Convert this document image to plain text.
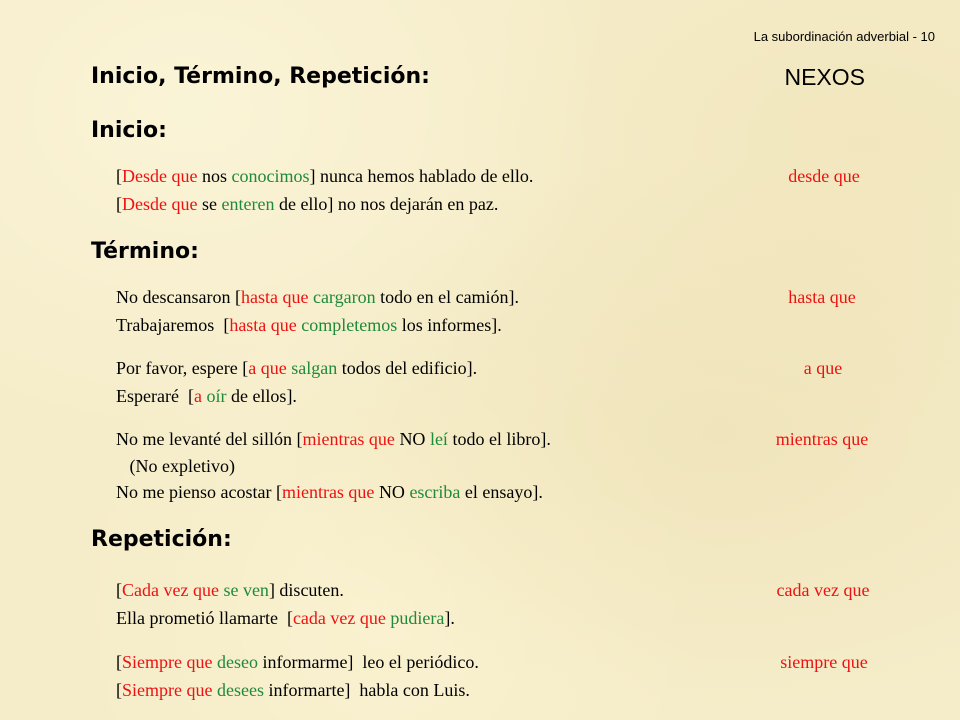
La subordinación adverbial - 10
Inicio, Término, Repetición:	NEXOS
Inicio:
Término:
Repetición:
[Desde que nos conocimos] nunca hemos hablado de ello.
[Desde que se enteren de ello] no nos dejarán en paz.
No descansaron [hasta que cargaron todo en el camión].
Trabajaremos  [hasta que completemos los informes].
Por favor, espere [a que salgan todos del edificio].
Esperaré  [a oír de ellos].
No me levanté del sillón [mientras que NO leí todo el libro].
(No expletivo)
No me pienso acostar [mientras que NO escriba el ensayo].
[Cada vez que se ven] discuten.
Ella prometió llamarte  [cada vez que pudiera].
[Siempre que deseo informarme]  leo el periódico.
[Siempre que desees informarte]  habla con Luis.
desde que
hasta que
a que
mientras que
cada vez que
siempre que
